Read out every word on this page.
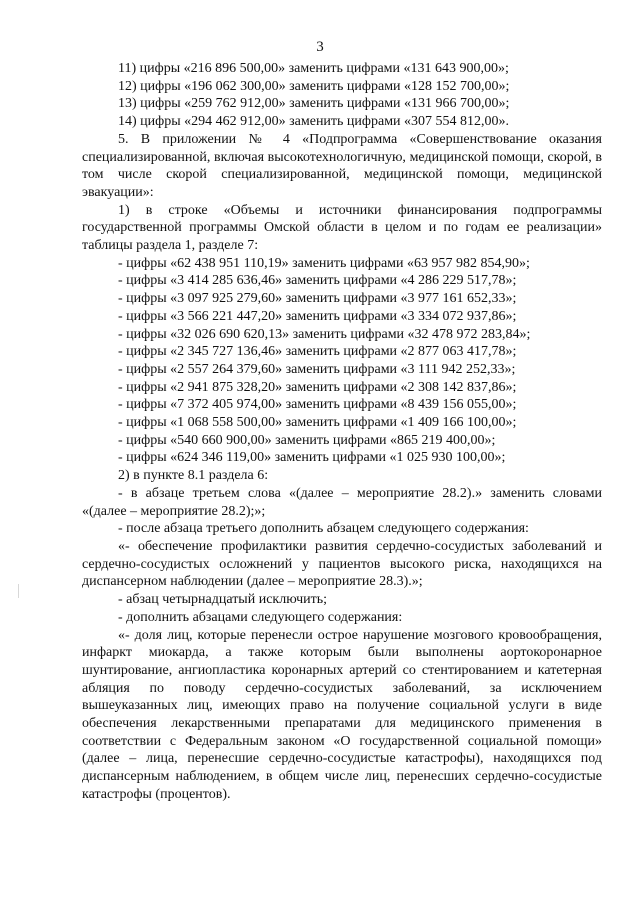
3

11) цифры «216 896 500,00» заменить цифрами «131 643 900,00»;

12) цифры «196 062 300,00» заменить цифрами «128 152 700,00»;

13) цифры «259 762 912,00» заменить цифрами «131 966 700,00»;

14) цифры «294 462 912,00» заменить цифрами «307 554 812,00».

5. В приложении № 4 «Подпрограмма «Совершенствование оказания специализированной, включая высокотехнологичную, медицинской помощи, скорой, в том числе скорой специализированной, медицинской помощи, медицинской эвакуации»:

1) в строке «Объемы и источники финансирования подпрограммы государственной программы Омской области в целом и по годам ее реализации» таблицы раздела 1, разделе 7:

- цифры «62 438 951 110,19» заменить цифрами «63 957 982 854,90»;

- цифры «3 414 285 636,46» заменить цифрами «4 286 229 517,78»;

- цифры «3 097 925 279,60» заменить цифрами «3 977 161 652,33»;

- цифры «3 566 221 447,20» заменить цифрами «3 334 072 937,86»;

- цифры «32 026 690 620,13» заменить цифрами «32 478 972 283,84»;

- цифры «2 345 727 136,46» заменить цифрами «2 877 063 417,78»;

- цифры «2 557 264 379,60» заменить цифрами «3 111 942 252,33»;

- цифры «2 941 875 328,20» заменить цифрами «2 308 142 837,86»;

- цифры «7 372 405 974,00» заменить цифрами «8 439 156 055,00»;

- цифры «1 068 558 500,00» заменить цифрами «1 409 166 100,00»;

- цифры «540 660 900,00» заменить цифрами «865 219 400,00»;

- цифры «624 346 119,00» заменить цифрами «1 025 930 100,00»;

2) в пункте 8.1 раздела 6:

- в абзаце третьем слова «(далее – мероприятие 28.2).» заменить словами «(далее – мероприятие 28.2);»;

- после абзаца третьего дополнить абзацем следующего содержания:

«- обеспечение профилактики развития сердечно-сосудистых заболеваний и сердечно-сосудистых осложнений у пациентов высокого риска, находящихся на диспансерном наблюдении (далее – мероприятие 28.3).»;

- абзац четырнадцатый исключить;

- дополнить абзацами следующего содержания:

«- доля лиц, которые перенесли острое нарушение мозгового кровообращения, инфаркт миокарда, а также которым были выполнены аортокоронарное шунтирование, ангиопластика коронарных артерий со стентированием и катетерная абляция по поводу сердечно-сосудистых заболеваний, за исключением вышеуказанных лиц, имеющих право на получение социальной услуги в виде обеспечения лекарственными препаратами для медицинского применения в соответствии с Федеральным законом «О государственной социальной помощи» (далее – лица, перенесшие сердечно-сосудистые катастрофы), находящихся под диспансерным наблюдением, в общем числе лиц, перенесших сердечно-сосудистые катастрофы (процентов).
